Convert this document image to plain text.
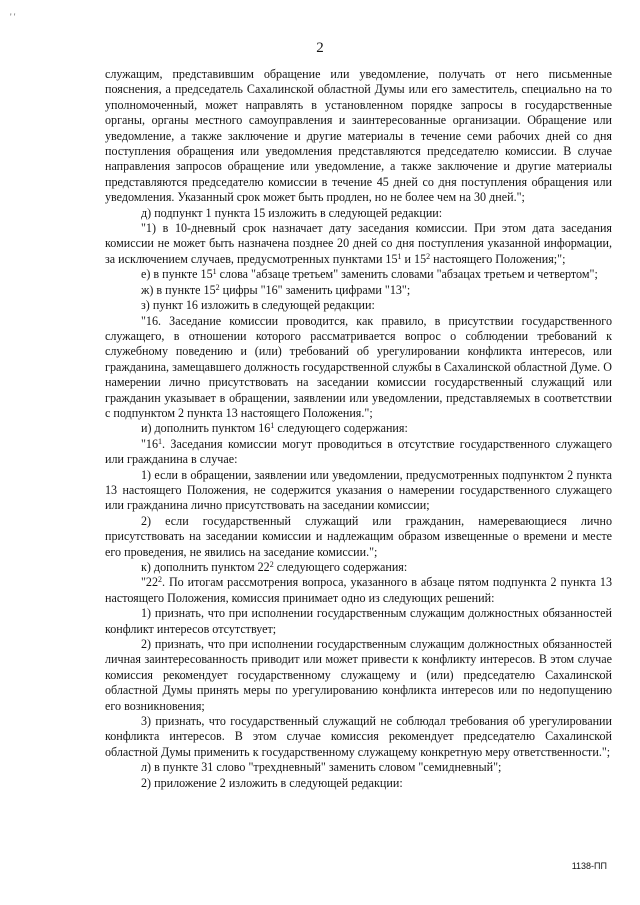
' '
2

служащим, представившим обращение или уведомление, получать от него письменные пояснения, а председатель Сахалинской областной Думы или его заместитель, специально на то уполномоченный, может направлять в установленном порядке запросы в государственные органы, органы местного самоуправления и заинтересованные организации. Обращение или уведомление, а также заключение и другие материалы в течение семи рабочих дней со дня поступления обращения или уведомления представляются председателю комиссии. В случае направления запросов обращение или уведомление, а также заключение и другие материалы представляются председателю комиссии в течение 45 дней со дня поступления обращения или уведомления. Указанный срок может быть продлен, но не более чем на 30 дней.";

д) подпункт 1 пункта 15 изложить в следующей редакции:

"1) в 10-дневный срок назначает дату заседания комиссии. При этом дата заседания комиссии не может быть назначена позднее 20 дней со дня поступления указанной информации, за исключением случаев, предусмотренных пунктами $15^1$ и $15^2$ настоящего Положения;";

е) в пункте $15^1$ слова "абзаце третьем" заменить словами "абзацах третьем и четвертом";

ж) в пункте $15^2$ цифры "16" заменить цифрами "13";

з) пункт 16 изложить в следующей редакции:

"16. Заседание комиссии проводится, как правило, в присутствии государственного служащего, в отношении которого рассматривается вопрос о соблюдении требований к служебному поведению и (или) требований об урегулировании конфликта интересов, или гражданина, замещавшего должность государственной службы в Сахалинской областной Думе. О намерении лично присутствовать на заседании комиссии государственный служащий или гражданин указывает в обращении, заявлении или уведомлении, представляемых в соответствии с подпунктом 2 пункта 13 настоящего Положения.";

и) дополнить пунктом $16^1$ следующего содержания:

"$16^1$. Заседания комиссии могут проводиться в отсутствие государственного служащего или гражданина в случае:

1) если в обращении, заявлении или уведомлении, предусмотренных подпунктом 2 пункта 13 настоящего Положения, не содержится указания о намерении государственного служащего или гражданина лично присутствовать на заседании комиссии;

2) если государственный служащий или гражданин, намеревающиеся лично присутствовать на заседании комиссии и надлежащим образом извещенные о времени и месте его проведения, не явились на заседание комиссии.";

к) дополнить пунктом $22^2$ следующего содержания:

"$22^2$. По итогам рассмотрения вопроса, указанного в абзаце пятом подпункта 2 пункта 13 настоящего Положения, комиссия принимает одно из следующих решений:

1) признать, что при исполнении государственным служащим должностных обязанностей конфликт интересов отсутствует;

2) признать, что при исполнении государственным служащим должностных обязанностей личная заинтересованность приводит или может привести к конфликту интересов. В этом случае комиссия рекомендует государственному служащему и (или) председателю Сахалинской областной Думы принять меры по урегулированию конфликта интересов или по недопущению его возникновения;

3) признать, что государственный служащий не соблюдал требования об урегулировании конфликта интересов. В этом случае комиссия рекомендует председателю Сахалинской областной Думы применить к государственному служащему конкретную меру ответственности.";

л) в пункте 31 слово "трехдневный" заменить словом "семидневный";

2) приложение 2 изложить в следующей редакции:

1138-ПП
